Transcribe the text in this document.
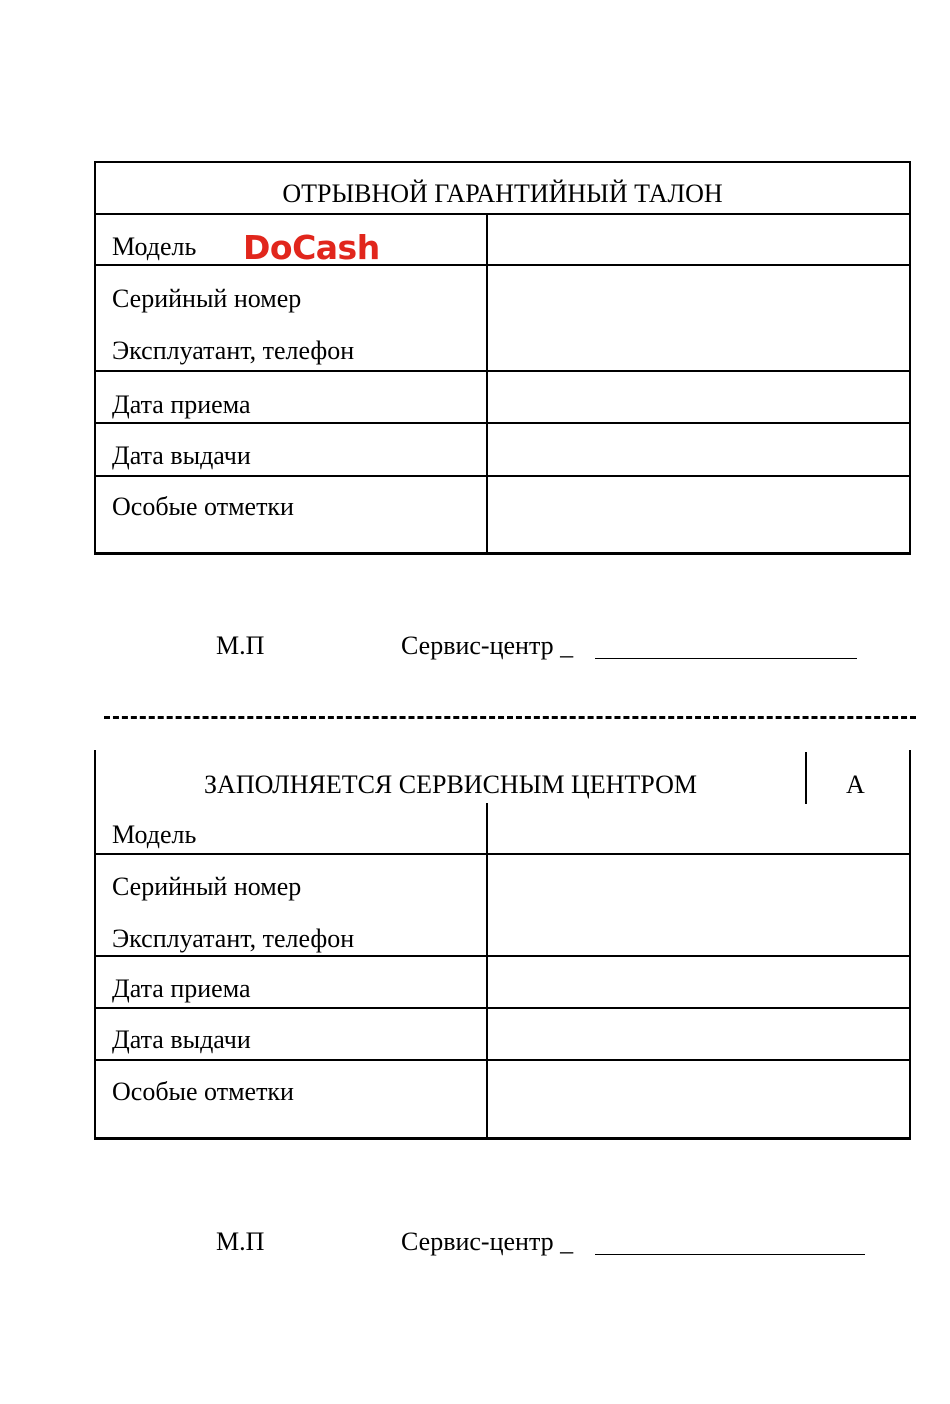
ОТРЫВНОЙ ГАРАНТИЙНЫЙ ТАЛОН
Модель DoCash
Серийный номер
Эксплуатант, телефон
Дата приема
Дата выдачи
Особые отметки
М.П	Сервис-центр _
ЗАПОЛНЯЕТСЯ СЕРВИСНЫМ ЦЕНТРОМ	А
Модель
Серийный номер
Эксплуатант, телефон
Дата приема
Дата выдачи
Особые отметки
М.П	Сервис-центр _
